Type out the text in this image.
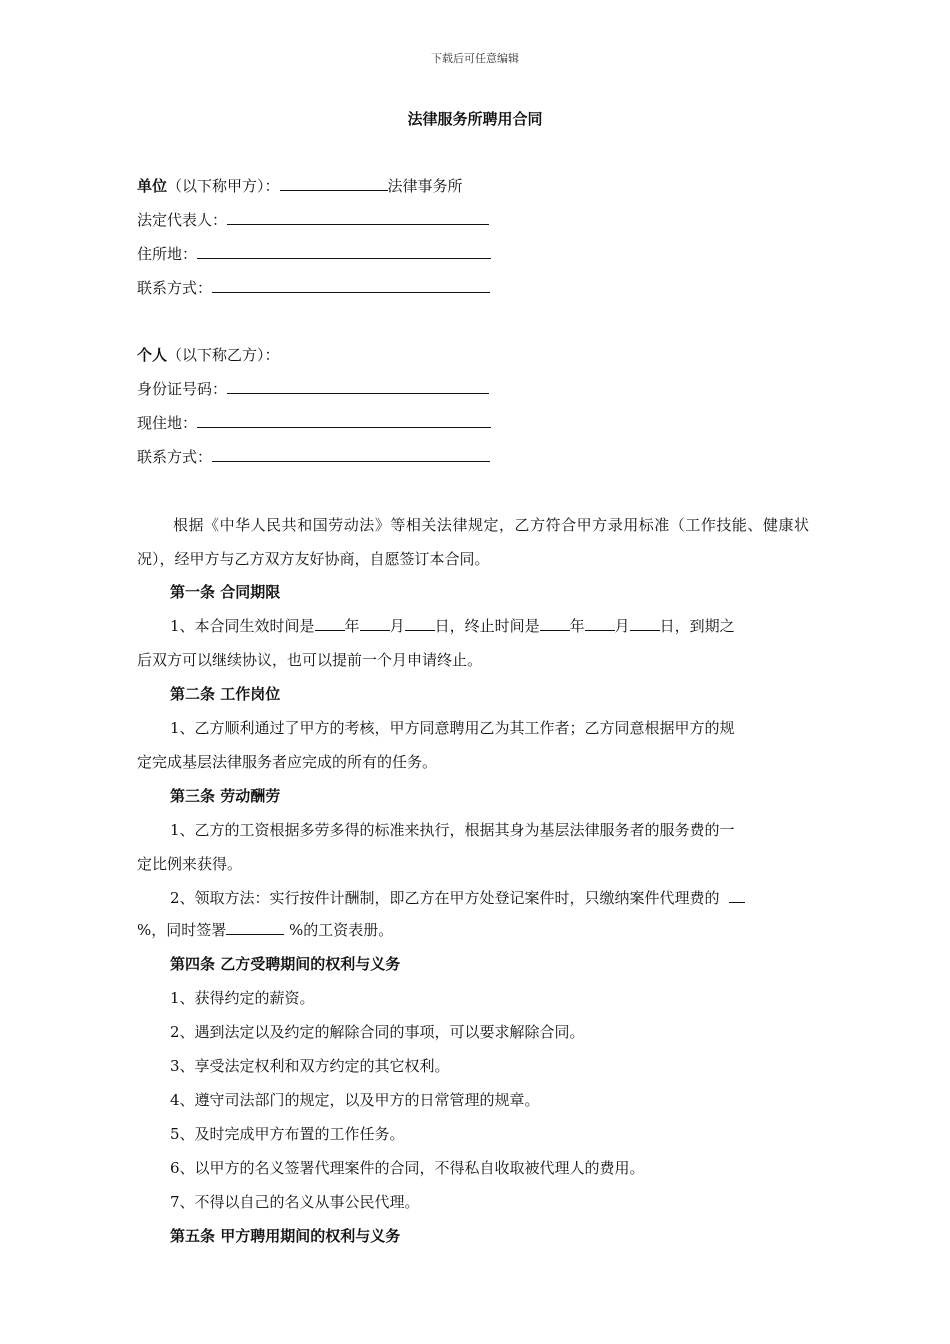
下载后可任意编辑
法律服务所聘用合同
单位（以下称甲方）：	法律事务所
法定代表人：
住所地：
联系方式：
个人（以下称乙方）：
身份证号码：
现住地：
联系方式：
根据《中华人民共和国劳动法》等相关法律规定，乙方符合甲方录用标准（工作技能、健康状况），经甲方与乙方双方友好协商，自愿签订本合同。
第一条 合同期限
1、本合同生效时间是 年 月 日，终止时间是 年 月 日，到期之
后双方可以继续协议，也可以提前一个月申请终止。
第二条 工作岗位
1、乙方顺利通过了甲方的考核，甲方同意聘用乙为其工作者；乙方同意根据甲方的规
定完成基层法律服务者应完成的所有的任务。
第三条 劳动酬劳
1、乙方的工资根据多劳多得的标准来执行，根据其身为基层法律服务者的服务费的一
定比例来获得。
2、领取方法：实行按件计酬制，即乙方在甲方处登记案件时，只缴纳案件代理费的
%，同时签署	%的工资表册。
第四条 乙方受聘期间的权利与义务
1、获得约定的薪资。
2、遇到法定以及约定的解除合同的事项，可以要求解除合同。
3、享受法定权利和双方约定的其它权利。
4、遵守司法部门的规定，以及甲方的日常管理的规章。
5、及时完成甲方布置的工作任务。
6、以甲方的名义签署代理案件的合同，不得私自收取被代理人的费用。
7、不得以自己的名义从事公民代理。
第五条 甲方聘用期间的权利与义务
